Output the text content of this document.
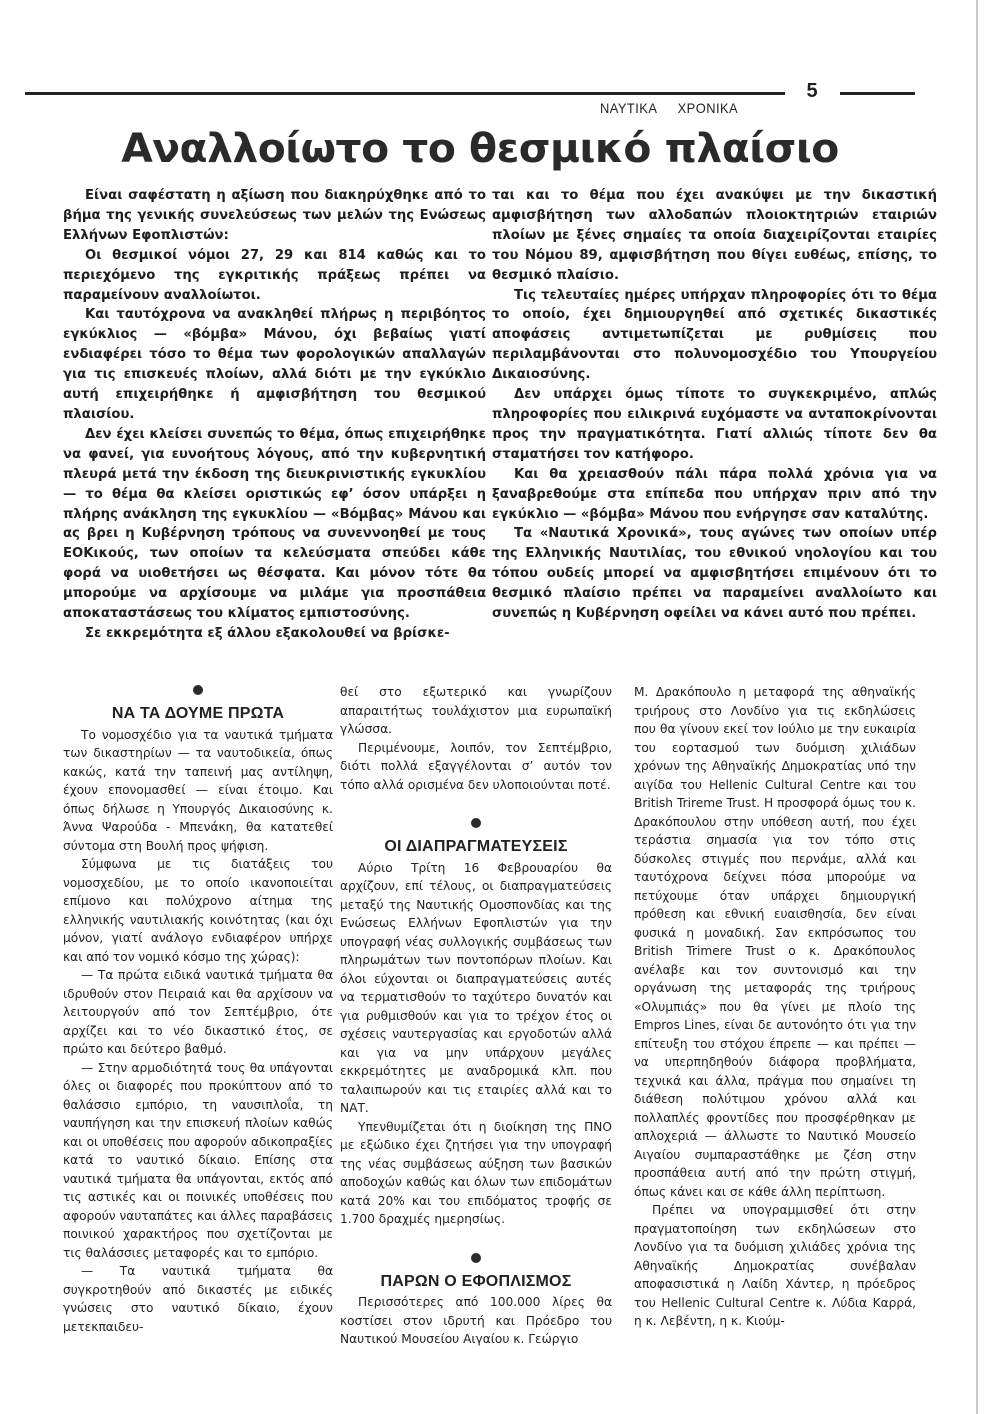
5
ΝΑΥΤΙΚΑ  ΧΡΟΝΙΚΑ
Αναλλοίωτο το θεσμικό πλαίσιο

Είναι σαφέστατη η αξίωση που διακηρύχθηκε από το βήμα της γενικής συνελεύσεως των μελών της Ενώσεως Ελλήνων Εφοπλιστών:

Οι θεσμικοί νόμοι 27, 29 και 814 καθώς και το περιεχόμενο της εγκριτικής πράξεως πρέπει να παραμείνουν αναλλοίωτοι.

Και ταυτόχρονα να ανακληθεί πλήρως η περιβόητος εγκύκλιος — «βόμβα» Μάνου, όχι βεβαίως γιατί ενδιαφέρει τόσο το θέμα των φορολογικών απαλλαγών για τις επισκευές πλοίων, αλλά διότι με την εγκύκλιο αυτή επιχειρήθηκε ή αμφισβήτηση του θεσμικού πλαισίου.

Δεν έχει κλείσει συνεπώς το θέμα, όπως επιχειρήθηκε να φανεί, για ευνοήτους λόγους, από την κυβερνητική πλευρά μετά την έκδοση της διευκρινιστικής εγκυκλίου — το θέμα θα κλείσει οριστικώς εφ’ όσον υπάρξει η πλήρης ανάκληση της εγκυκλίου — «Βόμβας» Μάνου και ας βρει η Κυβέρνηση τρόπους να συνεννοηθεί με τους ΕΟΚικούς, των οποίων τα κελεύσματα σπεύδει κάθε φορά να υιοθετήσει ως θέσφατα. Και μόνον τότε θα μπορούμε να αρχίσουμε να μιλάμε για προσπάθεια αποκαταστάσεως του κλίματος εμπιστοσύνης.

Σε εκκρεμότητα εξ άλλου εξακολουθεί να βρίσκε-

ται και το θέμα που έχει ανακύψει με την δικαστική αμφισβήτηση των αλλοδαπών πλοιοκτητριών εταιριών πλοίων με ξένες σημαίες τα οποία διαχειρίζονται εταιρίες του Νόμου 89, αμφισβήτηση που θίγει ευθέως, επίσης, το θεσμικό πλαίσιο.

Τις τελευταίες ημέρες υπήρχαν πληροφορίες ότι το θέμα το οποίο, έχει δημιουργηθεί από σχετικές δικαστικές αποφάσεις αντιμετωπίζεται με ρυθμίσεις που περιλαμβάνονται στο πολυνομοσχέδιο του Υπουργείου Δικαιοσύνης.

Δεν υπάρχει όμως τίποτε το συγκεκριμένο, απλώς πληροφορίες που ειλικρινά ευχόμαστε να ανταποκρίνονται προς την πραγματικότητα. Γιατί αλλιώς τίποτε δεν θα σταματήσει τον κατήφορο.

Και θα χρειασθούν πάλι πάρα πολλά χρόνια για να ξαναβρεθούμε στα επίπεδα που υπήρχαν πριν από την εγκύκλιο — «βόμβα» Μάνου που ενήργησε σαν καταλύτης.

Τα «Ναυτικά Χρονικά», τους αγώνες των οποίων υπέρ της Ελληνικής Ναυτιλίας, του εθνικού νηολογίου και του τόπου ουδείς μπορεί να αμφισβητήσει επιμένουν ότι το θεσμικό πλαίσιο πρέπει να παραμείνει αναλλοίωτο και συνεπώς η Κυβέρνηση οφείλει να κάνει αυτό που πρέπει.

ΝΑ ΤΑ ΔΟΥΜΕ ΠΡΩΤΑ

Το νομοσχέδιο για τα ναυτικά τμήματα των δικαστηρίων — τα ναυτοδικεία, όπως κακώς, κατά την ταπεινή μας αντίληψη, έχουν επονομασθεί — είναι έτοιμο. Και όπως δήλωσε η Υπουργός Δικαιοσύνης κ. Άννα Ψαρούδα - Μπενάκη, θα κατατεθεί σύντομα στη Βουλή προς ψήφιση.

Σύμφωνα με τις διατάξεις του νομοσχεδίου, με το οποίο ικανοποιείται επίμονο και πολύχρονο αίτημα της ελληνικής ναυτιλιακής κοινότητας (και όχι μόνον, γιατί ανάλογο ενδιαφέρον υπήρχε και από τον νομικό κόσμο της χώρας):

— Τα πρώτα ειδικά ναυτικά τμήματα θα ιδρυθούν στον Πειραιά και θα αρχίσουν να λειτουργούν από τον Σεπτέμβριο, ότε αρχίζει και το νέο δικαστικό έτος, σε πρώτο και δεύτερο βαθμό.

— Στην αρμοδιότητά τους θα υπάγονται όλες οι διαφορές που προκύπτουν από το θαλάσσιο εμπόριο, τη ναυσιπλοΐα, τη ναυπήγηση και την επισκευή πλοίων καθώς και οι υποθέσεις που αφορούν αδικοπραξίες κατά το ναυτικό δίκαιο. Επίσης στα ναυτικά τμήματα θα υπάγονται, εκτός από τις αστικές και οι ποινικές υποθέσεις που αφορούν ναυταπάτες και άλλες παραβάσεις ποινικού χαρακτήρος που σχετίζονται με τις θαλάσσιες μεταφορές και το εμπόριο.

— Τα ναυτικά τμήματα θα συγκροτηθούν από δικαστές με ειδικές γνώσεις στο ναυτικό δίκαιο, έχουν μετεκπαιδευ-

θεί στο εξωτερικό και γνωρίζουν απαραιτήτως τουλάχιστον μια ευρωπαϊκή γλώσσα.

Περιμένουμε, λοιπόν, τον Σεπτέμβριο, διότι πολλά εξαγγέλονται σ’ αυτόν τον τόπο αλλά ορισμένα δεν υλοποιούνται ποτέ.

ΟΙ ΔΙΑΠΡΑΓΜΑΤΕΥΣΕΙΣ

Αύριο Τρίτη 16 Φεβρουαρίου θα αρχίζουν, επί τέλους, οι διαπραγματεύσεις μεταξύ της Ναυτικής Ομοσπονδίας και της Ενώσεως Ελλήνων Εφοπλιστών για την υπογραφή νέας συλλογικής συμβάσεως των πληρωμάτων των ποντοπόρων πλοίων. Και όλοι εύχονται οι διαπραγματεύσεις αυτές να τερματισθούν το ταχύτερο δυνατόν και για ρυθμισθούν και για το τρέχον έτος οι σχέσεις ναυτεργασίας και εργοδοτών αλλά και για να μην υπάρχουν μεγάλες εκκρεμότητες με αναδρομικά κλπ. που ταλαιπωρούν και τις εταιρίες αλλά και το ΝΑΤ.

Υπενθυμίζεται ότι η διοίκηση της ΠΝΟ με εξώδικο έχει ζητήσει για την υπογραφή της νέας συμβάσεως αύξηση των βασικών αποδοχών καθώς και όλων των επιδομάτων κατά 20% και του επιδόματος τροφής σε 1.700 δραχμές ημερησίως.

ΠΑΡΩΝ Ο ΕΦΟΠΛΙΣΜΟΣ

Περισσότερες από 100.000 λίρες θα κοστίσει στον ιδρυτή και Πρόεδρο του Ναυτικού Μουσείου Αιγαίου κ. Γεώργιο

Μ. Δρακόπουλο η μεταφορά της αθηναϊκής τριήρους στο Λονδίνο για τις εκδηλώσεις που θα γίνουν εκεί τον Ιούλιο με την ευκαιρία του εορτασμού των δυόμιση χιλιάδων χρόνων της Αθηναϊκής Δημοκρατίας υπό την αιγίδα του Hellenic Cultural Centre και του British Trireme Trust. Η προσφορά όμως του κ. Δρακόπουλου στην υπόθεση αυτή, που έχει τεράστια σημασία για τον τόπο στις δύσκολες στιγμές που περνάμε, αλλά και ταυτόχρονα δείχνει πόσα μπορούμε να πετύχουμε όταν υπάρχει δημιουργική πρόθεση και εθνική ευαισθησία, δεν είναι φυσικά η μοναδική. Σαν εκπρόσωπος του British Trimere Trust ο κ. Δρακόπουλος ανέλαβε και τον συντονισμό και την οργάνωση της μεταφοράς της τριήρους «Ολυμπιάς» που θα γίνει με πλοίο της Empros Lines, είναι δε αυτονόητο ότι για την επίτευξη του στόχου έπρεπε — και πρέπει — να υπερπηδηθούν διάφορα προβλήματα, τεχνικά και άλλα, πράγμα που σημαίνει τη διάθεση πολύτιμου χρόνου αλλά και πολλαπλές φροντίδες που προσφέρθηκαν με απλοχεριά — άλλωστε το Ναυτικό Μουσείο Αιγαίου συμπαραστάθηκε με ζέση στην προσπάθεια αυτή από την πρώτη στιγμή, όπως κάνει και σε κάθε άλλη περίπτωση.

Πρέπει να υπογραμμισθεί ότι στην πραγματοποίηση των εκδηλώσεων στο Λονδίνο για τα δυόμιση χιλιάδες χρόνια της Αθηναϊκής Δημοκρατίας συνέβαλαν αποφασιστικά η Λαίδη Χάντερ, η πρόεδρος του Hellenic Cultural Centre κ. Λύδια Καρρά, η κ. Λεβέντη, η κ. Κιούμ-
